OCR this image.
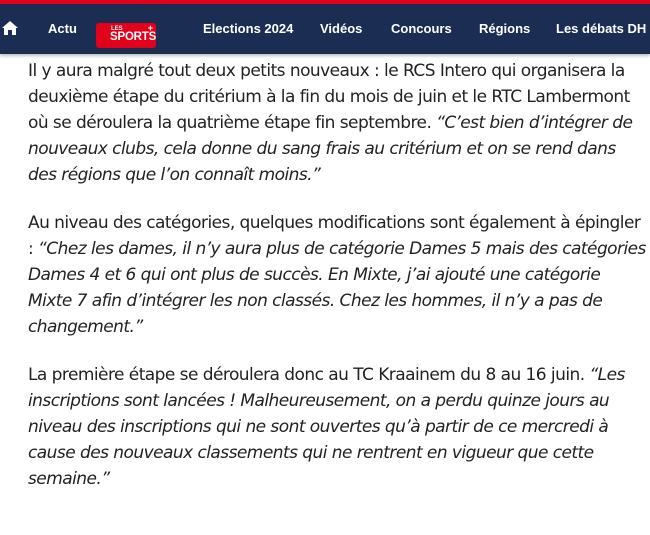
Actu	LES
SPORTS
+	Elections 2024 Vidéos Concours Régions Les débats DH

Il y aura malgré tout deux petits nouveaux : le RCS Intero qui organisera la deuxième étape du critérium à la fin du mois de juin et le RTC Lambermont où se déroulera la quatrième étape fin septembre. “C’est bien d’intégrer de nouveaux clubs, cela donne du sang frais au critérium et on se rend dans des régions que l’on connaît moins.”

Au niveau des catégories, quelques modifications sont également à épingler : “Chez les dames, il n’y aura plus de catégorie Dames 5 mais des catégories Dames 4 et 6 qui ont plus de succès. En Mixte, j’ai ajouté une catégorie Mixte 7 afin d’intégrer les non classés. Chez les hommes, il n’y a pas de changement.”

La première étape se déroulera donc au TC Kraainem du 8 au 16 juin. “Les inscriptions sont lancées ! Malheureusement, on a perdu quinze jours au niveau des inscriptions qui ne sont ouvertes qu’à partir de ce mercredi à cause des nouveaux classements qui ne rentrent en vigueur que cette semaine.”
